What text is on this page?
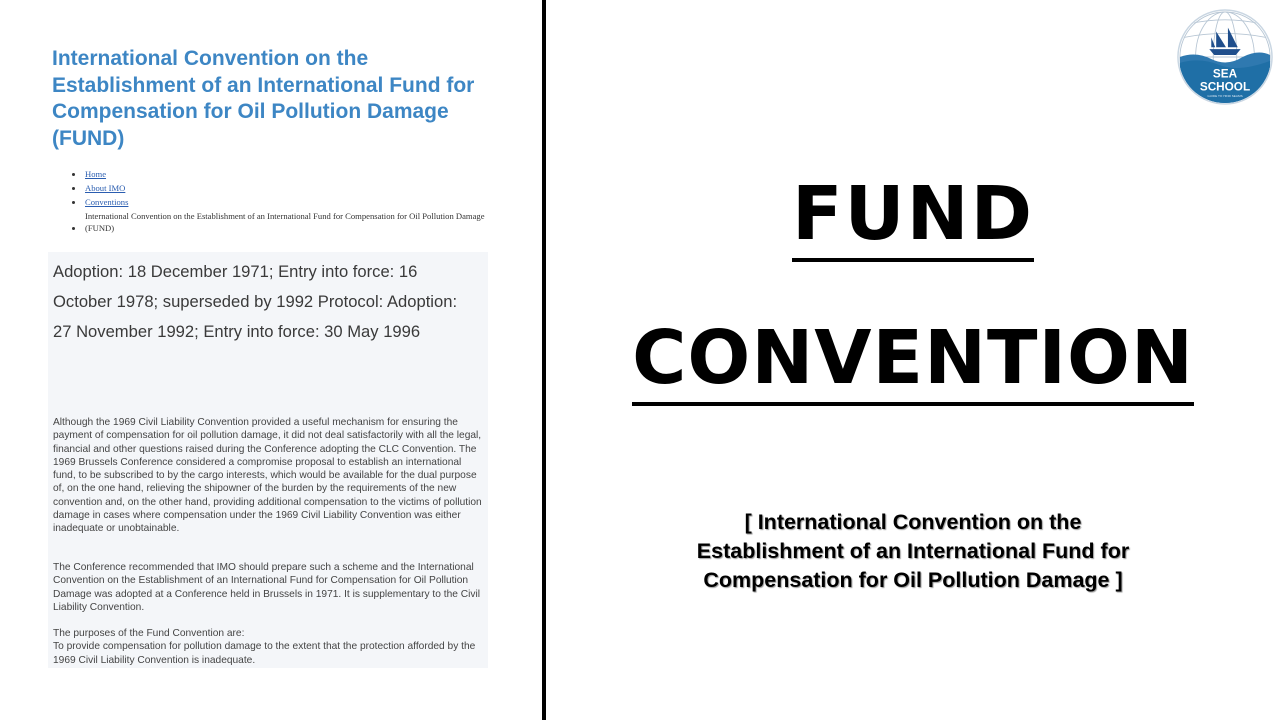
International Convention on the Establishment of an International Fund for Compensation for Oil Pollution Damage (FUND)
• Home
• About IMO
• Conventions
• International Convention on the Establishment of an International Fund for Compensation for Oil Pollution Damage (FUND)

Adoption: 18 December 1971; Entry into force: 16 October 1978; superseded by 1992 Protocol: Adoption: 27 November 1992; Entry into force: 30 May 1996

Although the 1969 Civil Liability Convention provided a useful mechanism for ensuring the payment of compensation for oil pollution damage, it did not deal satisfactorily with all the legal, financial and other questions raised during the Conference adopting the CLC Convention. The 1969 Brussels Conference considered a compromise proposal to establish an international fund, to be subscribed to by the cargo interests, which would be available for the dual purpose of, on the one hand, relieving the shipowner of the burden by the requirements of the new convention and, on the other hand, providing additional compensation to the victims of pollution damage in cases where compensation under the 1969 Civil Liability Convention was either inadequate or unobtainable.

The Conference recommended that IMO should prepare such a scheme and the International Convention on the Establishment of an International Fund for Compensation for Oil Pollution Damage was adopted at a Conference held in Brussels in 1971. It is supplementary to the Civil Liability Convention.

The purposes of the Fund Convention are:
To provide compensation for pollution damage to the extent that the protection afforded by the 1969 Civil Liability Convention is inadequate.
SEA
SCHOOL
GUIDE TO HIND SEAMS
FUND
CONVENTION

[ International Convention on the
Establishment of an International Fund for
Compensation for Oil Pollution Damage ]
